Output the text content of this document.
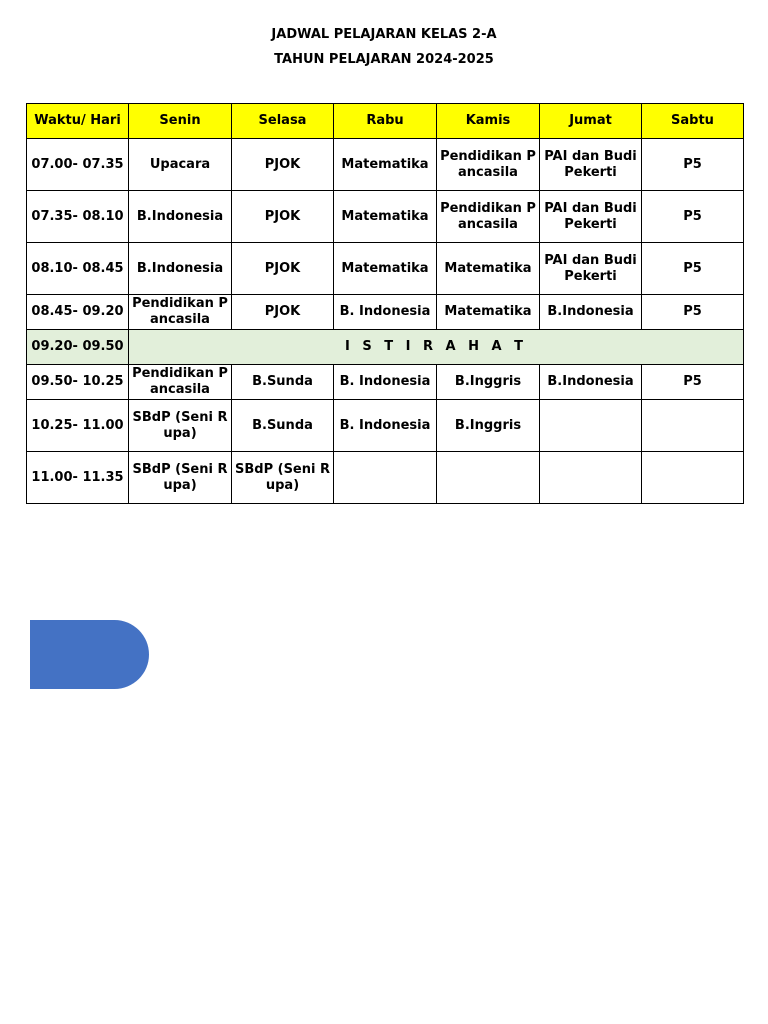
JADWAL PELAJARAN KELAS 2-A
TAHUN PELAJARAN 2024-2025
Waktu/ Hari	Senin	Selasa	Rabu	Kamis	Jumat	Sabtu
07.00- 07.35	Upacara	PJOK	Matematika	Pendidikan Pancasila	PAI dan Budi Pekerti	P5
07.35- 08.10	B.Indonesia	PJOK	Matematika	Pendidikan Pancasila	PAI dan Budi Pekerti	P5
08.10- 08.45	B.Indonesia	PJOK	Matematika	Matematika	PAI dan Budi Pekerti	P5
08.45- 09.20	Pendidikan Pancasila	PJOK	B. Indonesia	Matematika	B.Indonesia	P5
09.20- 09.50	I S T I R A H A T					
09.50- 10.25	Pendidikan Pancasila	B.Sunda	B. Indonesia	B.Inggris	B.Indonesia	P5
10.25- 11.00	SBdP (Seni Rupa)	B.Sunda	B. Indonesia	B.Inggris		
11.00- 11.35	SBdP (Seni Rupa)	SBdP (Seni Rupa)				
